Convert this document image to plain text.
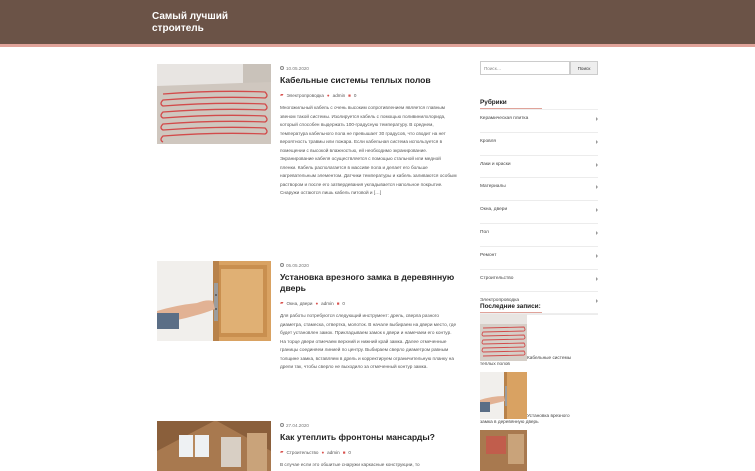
Самый лучший строитель
10.05.2020
Кабельные системы теплых полов
▰ Электропроводка ● admin ■ 0
Многожильный кабель с очень высоким сопротивлением является главным звеном такой системы. Изолируется кабель с помощью поливинилхлорида, который способен выдержать 100-градусную температуру. В среднем, температура кабельного пола не превышает 30 градусов, что сводит на нет вероятность травмы или пожара. Если кабельная система используется в помещении с высокой влажностью, ей необходимо экранирование. Экранирование кабеля осуществляется с помощью стальной или медной пленки. Кабель располагается в массиве пола и делает его больше нагревательным элементом. Датчики температуры и кабель заливаются особым раствором и после его затвердевания укладывается напольное покрытие. Снаружи остаются лишь кабель питовой и […]
05.05.2020
Установка врезного замка в деревянную дверь
▰ Окна, двери ● admin ■ 0
Для работы потребуются следующий инструмент: дрель, сверла разного диаметра, стамеска, отвертка, молоток. В начале выбираем на двери место, где будет установлен замок. Прикладываем замок к двери и намечаем его контур. На торце двери отмечаем верхний и нижний край замка. Далее отмеченные границы соединяем линией по центру. Выбираем сверло диаметром равным толщине замка, вставляем в дрель и корректируем ограничительную планку на дрели так, чтобы сверло не выходило за отмеченный контур замка.
27.04.2020
Как утеплить фронтоны мансарды?
▰ Строительство ● admin ■ 0
В случае если это обшитые снаружи каркасные конструкции, то
Поиск…	Поиск
Рубрики
Керамическая плитка
Кровля
Лаки и краски
Материалы
Окна, двери
Пол
Ремонт
Строительство
Электропроводка
Последние записи:
Кабельные системы теплых полов
Установка врезного замка в деревянную дверь
